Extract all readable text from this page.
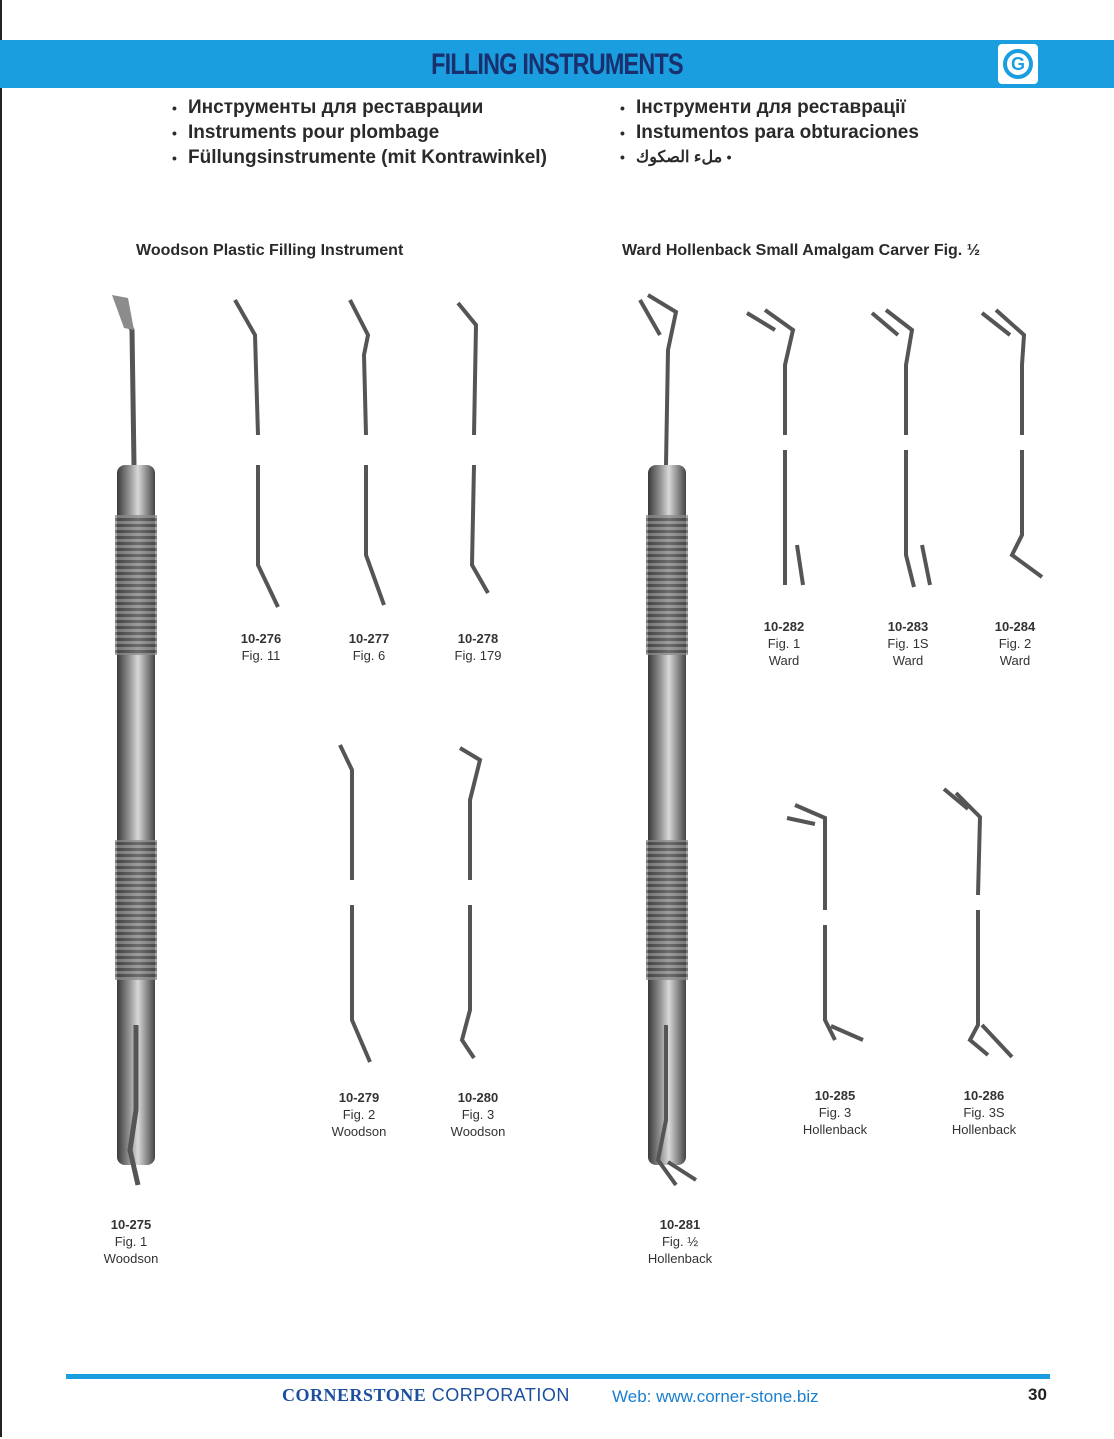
FILLING INSTRUMENTS	G
• Инструменты для реставрации
• Instruments pour plombage
• Füllungsinstrumente (mit Kontrawinkel)
• Інструменти для реставрації
• Instumentos para obturaciones
• ملء الصكوك •
Woodson Plastic Filling Instrument	Ward Hollenback Small Amalgam Carver Fig. ½
10-275
Fig. 1
Woodson
10-276
Fig. 11
10-277
Fig. 6
10-278
Fig. 179
10-279
Fig. 2
Woodson
10-280
Fig. 3
Woodson
10-281
Fig. ½
Hollenback
10-282
Fig. 1
Ward
10-283
Fig. 1S
Ward
10-284
Fig. 2
Ward
10-285
Fig. 3
Hollenback
10-286
Fig. 3S
Hollenback
CORNERSTONE CORPORATION Web: www.corner-stone.biz	30
